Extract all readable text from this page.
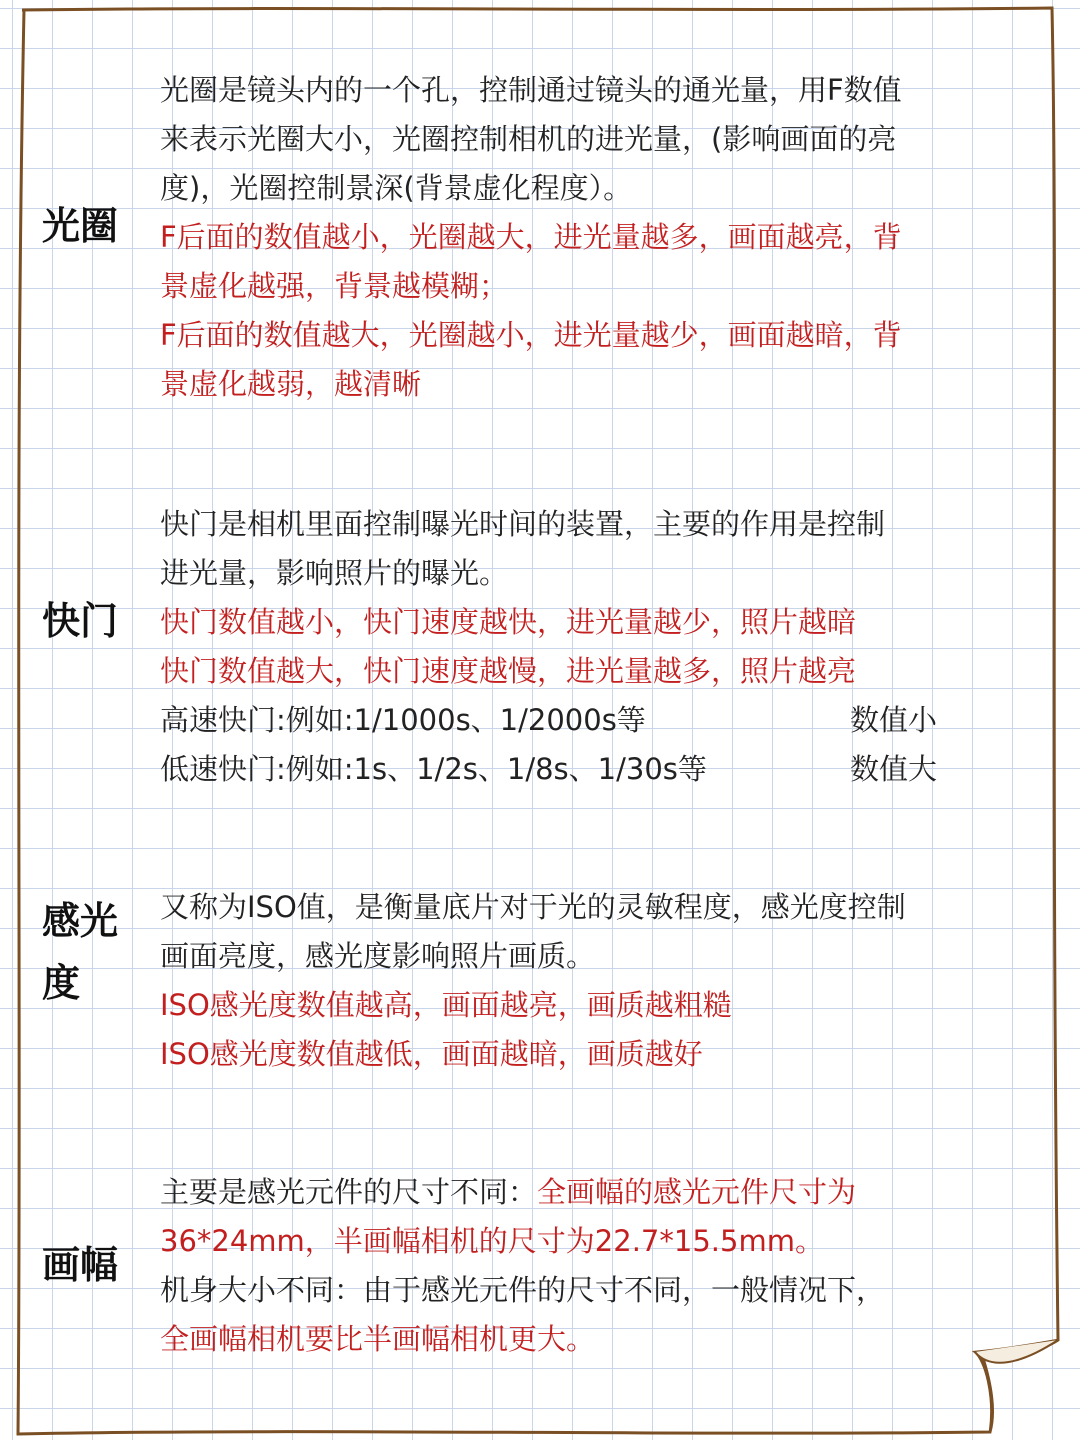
光圈
光圈是镜头内的一个孔，控制通过镜头的通光量，用F数值
来表示光圈大小，光圈控制相机的进光量，(影响画面的亮
度)，光圈控制景深(背景虚化程度）。
F后面的数值越小，光圈越大，进光量越多，画面越亮，背
景虚化越强，背景越模糊；
F后面的数值越大，光圈越小，进光量越少，画面越暗，背
景虚化越弱，越清晰
快门
快门是相机里面控制曝光时间的装置，主要的作用是控制
进光量，影响照片的曝光。
快门数值越小，快门速度越快，进光量越少，照片越暗
快门数值越大，快门速度越慢，进光量越多，照片越亮
高速快门:例如:1/1000s、1/2000s等	数值小
低速快门:例如:1s、1/2s、1/8s、1/30s等	数值大
感光
度
又称为ISO值，是衡量底片对于光的灵敏程度，感光度控制
画面亮度，感光度影响照片画质。
ISO感光度数值越高，画面越亮，画质越粗糙
ISO感光度数值越低，画面越暗，画质越好
画幅
主要是感光元件的尺寸不同：全画幅的感光元件尺寸为
36*24mm，半画幅相机的尺寸为22.7*15.5mm。
机身大小不同：由于感光元件的尺寸不同，一般情况下，
全画幅相机要比半画幅相机更大。
